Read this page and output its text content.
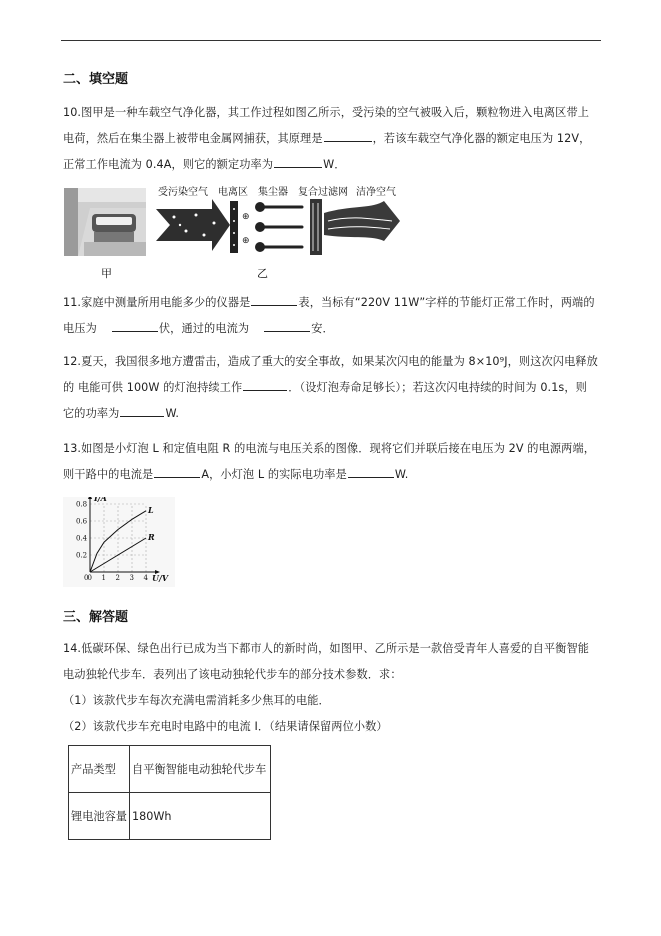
二、填空题
10.图甲是一种车载空气净化器，其工作过程如图乙所示，受污染的空气被吸入后，颗粒物进入电离区带上
电荷，然后在集尘器上被带电金属网捕获，其原理是	，若该车载空气净化器的额定电压为 12V，
正常工作电流为 0.4A，则它的额定功率为	W．
甲
受污染空气 电离区 集尘器 复合过滤网 洁净空气
⊕
⊕
乙
11.家庭中测量所用电能多少的仪器是	表，当标有“220V 11W”字样的节能灯正常工作时，两端的
电压为	伏，通过的电流为	安．
12.夏天，我国很多地方遭雷击，造成了重大的安全事故，如果某次闪电的能量为 8×10⁹J，则这次闪电释放
的 电能可供 100W 的灯泡持续工作	．（设灯泡寿命足够长）；若这次闪电持续的时间为 0.1s，则
它的功率为	W.
13.如图是小灯泡 L 和定值电阻 R 的电流与电压关系的图像．现将它们并联后接在电压为 2V 的电源两端，
则干路中的电流是	A，小灯泡 L 的实际电功率是	W.
I/A
U/V
0 1 2 3 4
0.2
0.4
0.6
0.8
0
L
R
三、解答题
14.低碳环保、绿色出行已成为当下都市人的新时尚，如图甲、乙所示是一款倍受青年人喜爱的自平衡智能
电动独轮代步车．表列出了该电动独轮代步车的部分技术参数．求：
（1）该款代步车每次充满电需消耗多少焦耳的电能．
（2）该款代步车充电时电路中的电流 I．（结果请保留两位小数）
产品类型	自平衡智能电动独轮代步车
锂电池容量	180Wh
